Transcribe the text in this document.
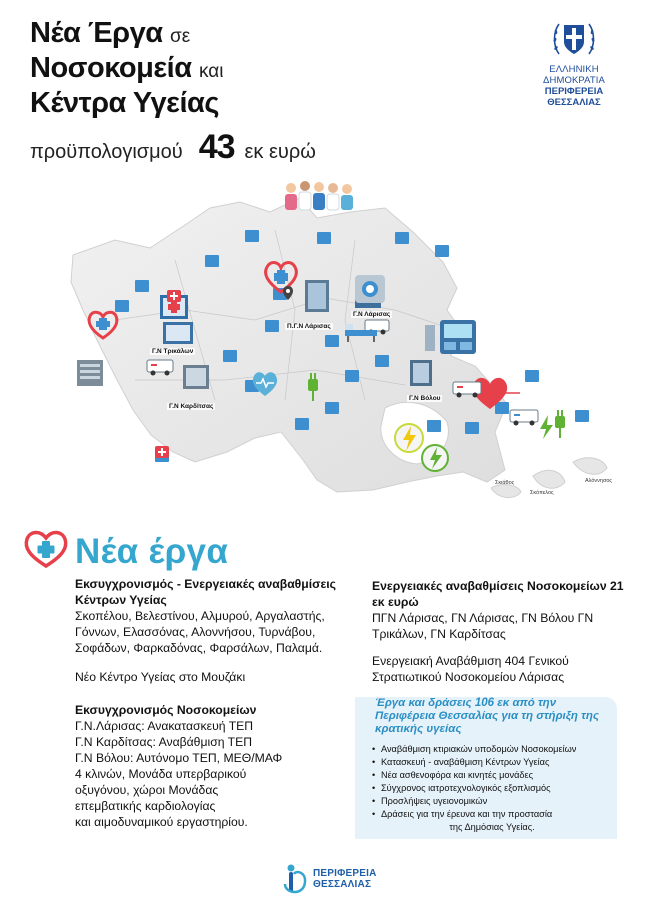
Νέα Έργα σε
Νοσοκομεία και
Κέντρα Υγείας
προϋπολογισμού 43 εκ ευρώ
ΕΛΛΗΝΙΚΗ ΔΗΜΟΚΡΑΤΙΑ
ΠΕΡΙΦΕΡΕΙΑ ΘΕΣΣΑΛΙΑΣ
Π.Γ.Ν Λάρισας
Γ.Ν Λάρισας
Γ.Ν Τρικάλων
Γ.Ν Καρδίτσας
Γ.Ν Βόλου
Σκιάθος
Σκόπελος
Αλόννησος
Νέα έργα
Εκσυγχρονισμός - Ενεργειακές αναβαθμίσεις Κέντρων Υγείας
Σκοπέλου, Βελεστίνου, Αλμυρού, Αργαλαστής, Γόννων, Ελασσόνας, Αλοννήσου, Τυρνάβου, Σοφάδων, Φαρκαδόνας, Φαρσάλων, Παλαμά.
Νέο Κέντρο Υγείας στο Μουζάκι
Εκσυγχρονισμός Νοσοκομείων
Γ.Ν.Λάρισας: Ανακατασκευή ΤΕΠ
Γ.Ν Καρδίτσας: Αναβάθμιση ΤΕΠ
Γ.Ν Βόλου: Αυτόνομο ΤΕΠ, ΜΕΘ/ΜΑΦ
4 κλινών, Μονάδα υπερβαρικού
οξυγόνου, χώροι Μονάδας
επεμβατικής καρδιολογίας
και αιμοδυναμικού εργαστηρίου.
Ενεργειακές αναβαθμίσεις Νοσοκομείων 21 εκ ευρώ
ΠΓΝ Λάρισας, ΓΝ Λάρισας, ΓΝ Βόλου ΓΝ Τρικάλων, ΓΝ Καρδίτσας
Ενεργειακή Αναβάθμιση 404 Γενικού Στρατιωτικού Νοσοκομείου Λάρισας
Έργα και δράσεις 106 εκ από την Περιφέρεια Θεσσαλίας για τη στήριξη της κρατικής υγείας
• Αναβάθμιση κτιριακών υποδομών Νοσοκομείων
• Κατασκευή - αναβάθμιση Κέντρων Υγείας
• Νέα ασθενοφόρα και κινητές μονάδες
• Σύγχρονος ιατροτεχνολογικός εξοπλισμός
• Προσλήψεις υγειονομικών
• Δράσεις για την έρευνα και την προστασία
της Δημόσιας Υγείας.
ΠΕΡΙΦΕΡΕΙΑ
ΘΕΣΣΑΛΙΑΣ
